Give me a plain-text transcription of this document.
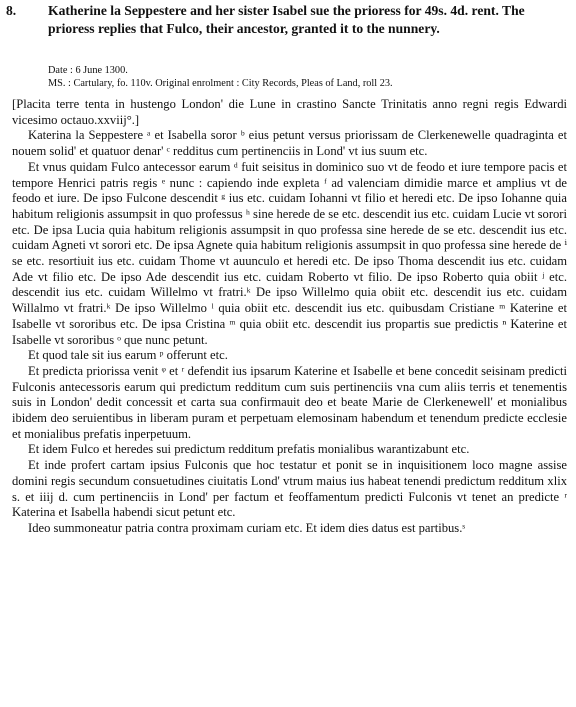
8. Katherine la Seppestere and her sister Isabel sue the prioress for 49s. 4d. rent. The prioress replies that Fulco, their ancestor, granted it to the nunnery.
Date : 6 June 1300.
MS. : Cartulary, fo. 110v. Original enrolment : City Records, Pleas of Land, roll 23.

[Placita terre tenta in hustengo London' die Lune in crastino Sancte Trinitatis anno regni regis Edwardi vicesimo octauo.xxviij°.]

Katerina la Seppestere ᵃ et Isabella soror ᵇ eius petunt versus priorissam de Clerkenewelle quadraginta et nouem solid' et quatuor denar' ᶜ redditus cum pertinenciis in Lond' vt ius suum etc.

Et vnus quidam Fulco antecessor earum ᵈ fuit seisitus in dominico suo vt de feodo et iure tempore pacis et tempore Henrici patris regis ᵉ nunc : capiendo inde expleta ᶠ ad valenciam dimidie marce et amplius vt de feodo et iure. De ipso Fulcone descendit ᵍ ius etc. cuidam Iohanni vt filio et heredi etc. De ipso Iohanne quia habitum religionis assumpsit in quo professus ʰ sine herede de se etc. descendit ius etc. cuidam Lucie vt sorori etc. De ipsa Lucia quia habitum religionis assumpsit in quo professa sine herede de se etc. descendit ius etc. cuidam Agneti vt sorori etc. De ipsa Agnete quia habitum religionis assumpsit in quo professa sine herede de ⁱ se etc. resortiuit ius etc. cuidam Thome vt auunculo et heredi etc. De ipso Thoma descendit ius etc. cuidam Ade vt filio etc. De ipso Ade descendit ius etc. cuidam Roberto vt filio. De ipso Roberto quia obiit ʲ etc. descendit ius etc. cuidam Willelmo vt fratri.ᵏ De ipso Willelmo quia obiit etc. descendit ius etc. cuidam Willalmo vt fratri.ᵏ De ipso Willelmo ˡ quia obiit etc. descendit ius etc. quibusdam Cristiane ᵐ Katerine et Isabelle vt sororibus etc. De ipsa Cristina ᵐ quia obiit etc. descendit ius propartis sue predictis ⁿ Katerine et Isabelle vt sororibus ᵒ que nunc petunt.

Et quod tale sit ius earum ᵖ offerunt etc.

Et predicta priorissa venit ᵠ et ʳ defendit ius ipsarum Katerine et Isabelle et bene concedit seisinam predicti Fulconis antecessoris earum qui predictum redditum cum suis pertinenciis vna cum aliis terris et tenementis suis in London' dedit concessit et carta sua confirmauit deo et beate Marie de Clerkenewell' et monialibus ibidem deo seruientibus in liberam puram et perpetuam elemosinam habendum et tenendum predicte ecclesie et monialibus prefatis inperpetuum.

Et idem Fulco et heredes sui predictum redditum prefatis monialibus warantizabunt etc.

Et inde profert cartam ipsius Fulconis que hoc testatur et ponit se in inquisitionem loco magne assise domini regis secundum consuetudines ciuitatis Lond' vtrum maius ius habeat tenendi predictum redditum xlix s. et iiij d. cum pertinenciis in Lond' per factum et feoffamentum predicti Fulconis vt tenet an predicte ʳ Katerina et Isabella habendi sicut petunt etc.

Ideo summoneatur patria contra proximam curiam etc. Et idem dies datus est partibus.ˢ
